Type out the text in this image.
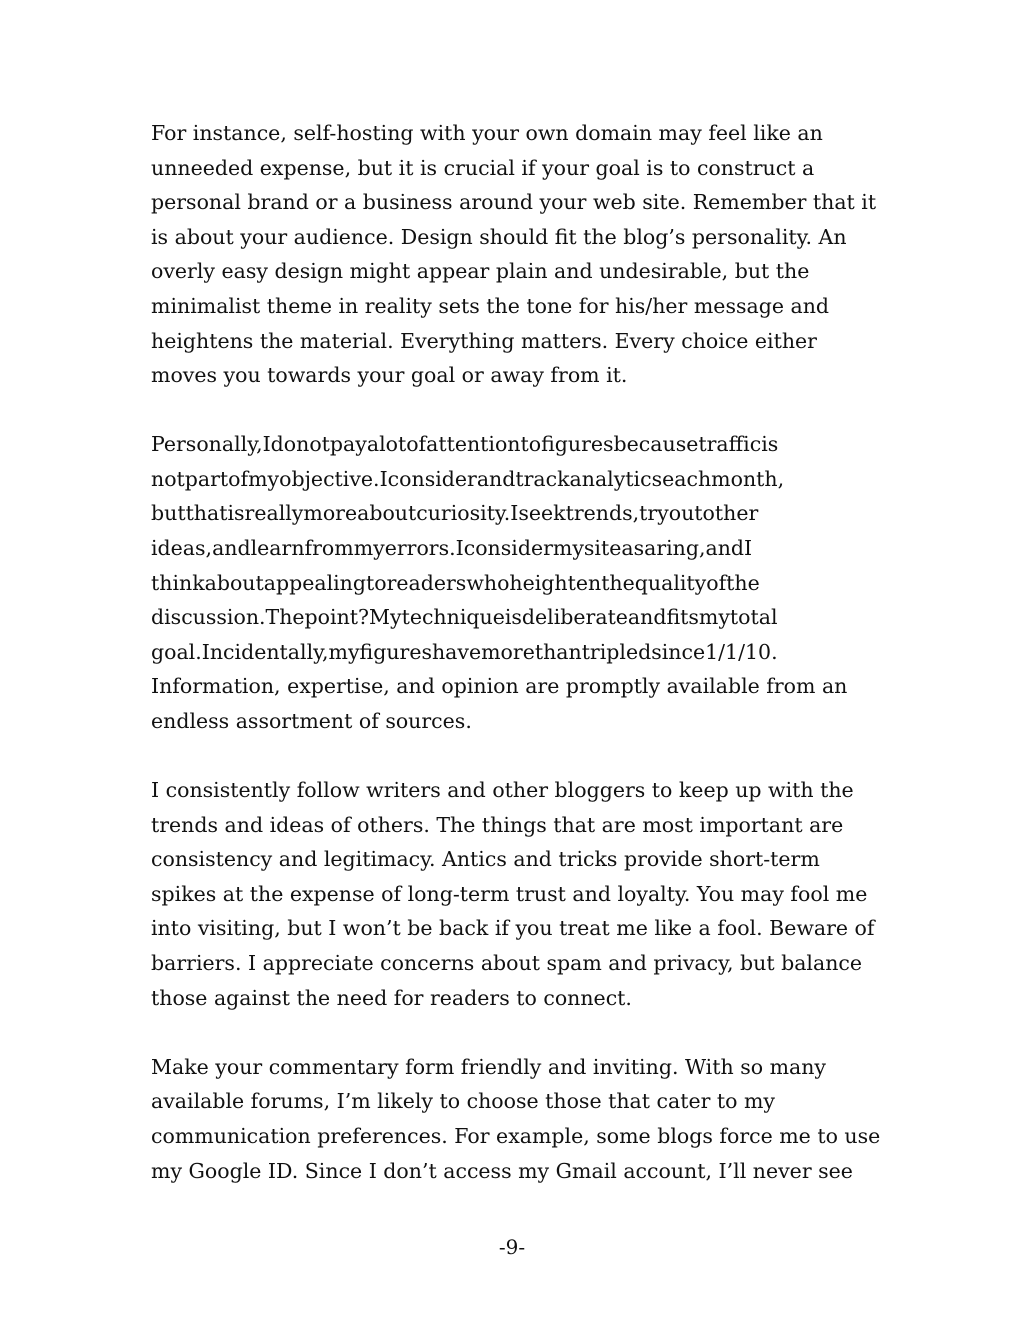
For instance, self-hosting with your own domain may feel like an
unneeded expense, but it is crucial if your goal is to construct a
personal brand or a business around your web site. Remember that it
is about your audience. Design should fit the blog’s personality. An
overly easy design might appear plain and undesirable, but the
minimalist theme in reality sets the tone for his/her message and
heightens the material. Everything matters. Every choice either
moves you towards your goal or away from it.

Personally,Idonotpayalotofattentiontofiguresbecausetrafficis
notpartofmyobjective.Iconsiderandtrackanalyticseachmonth,
butthatisreallymoreaboutcuriosity.Iseektrends,tryoutother
ideas,andlearnfrommyerrors.Iconsidermysiteasaring,andI
thinkaboutappealingtoreaderswhoheightenthequalityofthe
discussion.Thepoint?Mytechniqueisdeliberateandfitsmytotal
goal.Incidentally,myfigureshavemorethantripledsince1/1/10.
Information, expertise, and opinion are promptly available from an
endless assortment of sources.

I consistently follow writers and other bloggers to keep up with the
trends and ideas of others. The things that are most important are
consistency and legitimacy. Antics and tricks provide short-term
spikes at the expense of long-term trust and loyalty. You may fool me
into visiting, but I won’t be back if you treat me like a fool. Beware of
barriers. I appreciate concerns about spam and privacy, but balance
those against the need for readers to connect.

Make your commentary form friendly and inviting. With so many
available forums, I’m likely to choose those that cater to my
communication preferences. For example, some blogs force me to use
my Google ID. Since I don’t access my Gmail account, I’ll never see

-9-
